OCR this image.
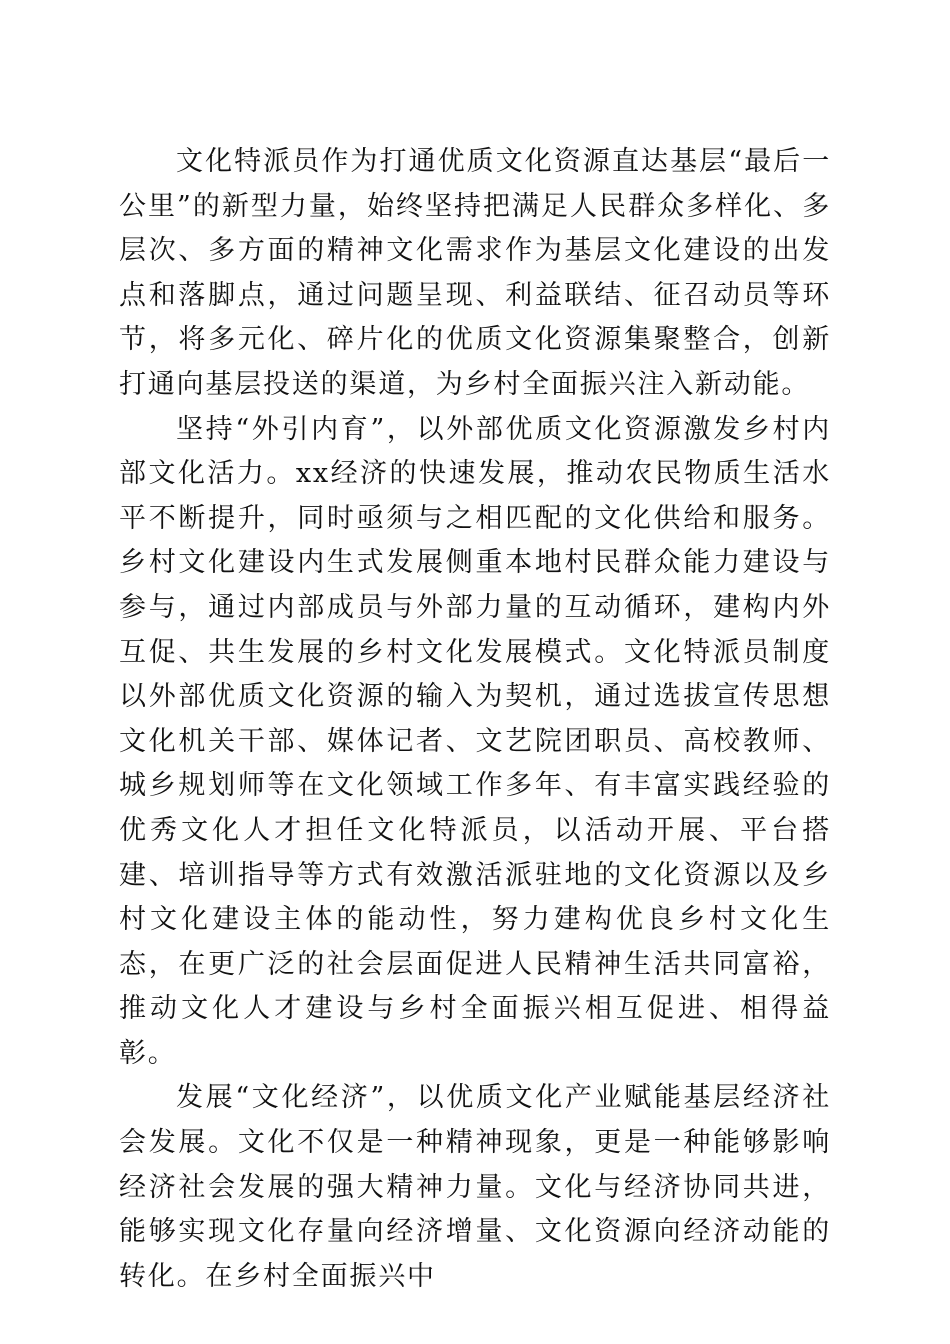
文化特派员作为打通优质文化资源直达基层“最后一公里”的新型力量，始终坚持把满足人民群众多样化、多层次、多方面的精神文化需求作为基层文化建设的出发点和落脚点，通过问题呈现、利益联结、征召动员等环节，将多元化、碎片化的优质文化资源集聚整合，创新打通向基层投送的渠道，为乡村全面振兴注入新动能。

坚持“外引内育”，以外部优质文化资源激发乡村内部文化活力。xx经济的快速发展，推动农民物质生活水平不断提升，同时亟须与之相匹配的文化供给和服务。乡村文化建设内生式发展侧重本地村民群众能力建设与参与，通过内部成员与外部力量的互动循环，建构内外互促、共生发展的乡村文化发展模式。文化特派员制度以外部优质文化资源的输入为契机，通过选拔宣传思想文化机关干部、媒体记者、文艺院团职员、高校教师、城乡规划师等在文化领域工作多年、有丰富实践经验的优秀文化人才担任文化特派员，以活动开展、平台搭建、培训指导等方式有效激活派驻地的文化资源以及乡村文化建设主体的能动性，努力建构优良乡村文化生态，在更广泛的社会层面促进人民精神生活共同富裕，推动文化人才建设与乡村全面振兴相互促进、相得益彰。

发展“文化经济”，以优质文化产业赋能基层经济社会发展。文化不仅是一种精神现象，更是一种能够影响经济社会发展的强大精神力量。文化与经济协同共进，能够实现文化存量向经济增量、文化资源向经济动能的转化。在乡村全面振兴中
